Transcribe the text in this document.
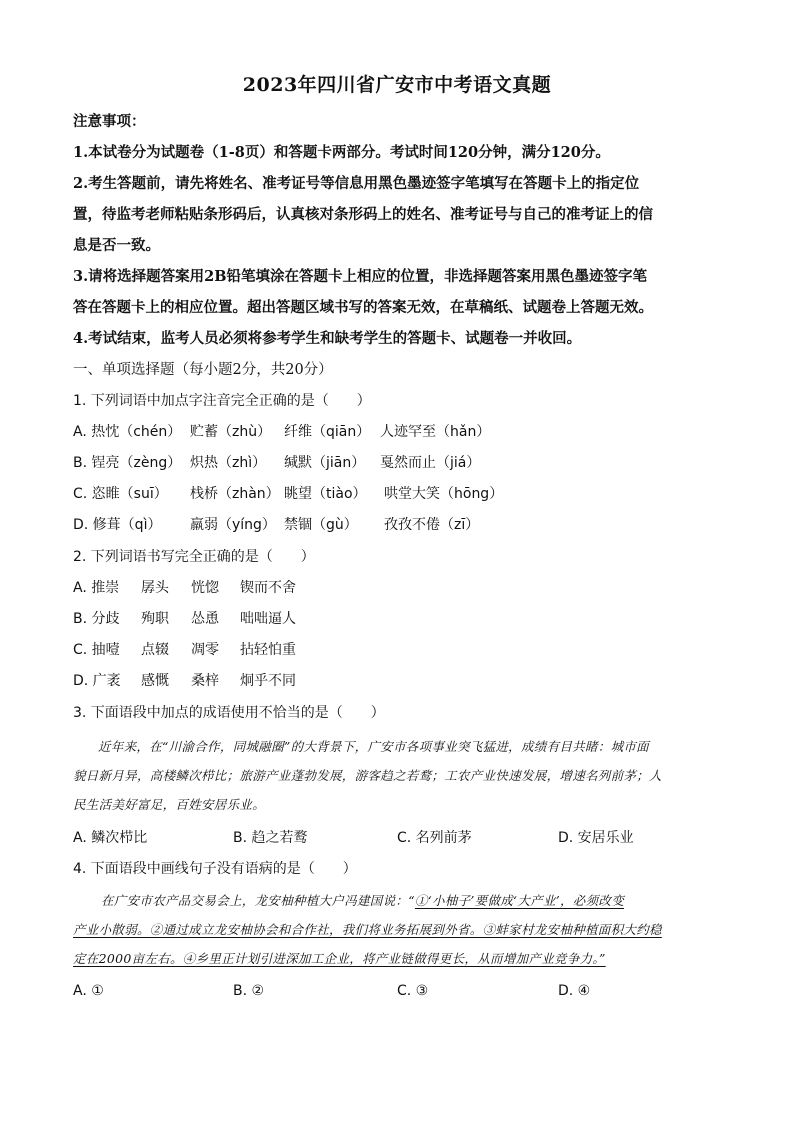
2023年四川省广安市中考语文真题
注意事项：
1.本试卷分为试题卷（1-8页）和答题卡两部分。考试时间120分钟，满分120分。
2.考生答题前，请先将姓名、准考证号等信息用黑色墨迹签字笔填写在答题卡上的指定位
置，待监考老师粘贴条形码后，认真核对条形码上的姓名、准考证号与自己的准考证上的信
息是否一致。
3.请将选择题答案用2B铅笔填涂在答题卡上相应的位置，非选择题答案用黑色墨迹签字笔
答在答题卡上的相应位置。超出答题区域书写的答案无效，在草稿纸、试题卷上答题无效。
4.考试结束，监考人员必须将参考学生和缺考学生的答题卡、试题卷一并收回。
一、单项选择题（每小题2分，共20分）
1. 下列词语中加点字注音完全正确的是（　　）
A. 热忱（chén） 贮蓄（zhù） 纤维（qiān） 人迹罕至（hǎn）
B. 锃亮（zèng） 炽热（zhì） 缄默（jiān） 戛然而止（jiá）
C. 恣睢（suī） 栈桥（zhàn） 眺望（tiào） 哄堂大笑（hōng）
D. 修葺（qì） 羸弱（yíng） 禁锢（gù） 孜孜不倦（zī）
2. 下列词语书写完全正确的是（　　）
A. 推崇 孱头 恍惚 锲而不舍
B. 分歧 殉职 怂恿 咄咄逼人
C. 抽噎 点辍 凋零 拈轻怕重
D. 广袤 感慨 桑梓 炯乎不同
3. 下面语段中加点的成语使用不恰当的是（　　）
近年来，在“川渝合作，同城融圈”的大背景下，广安市各项事业突飞猛进，成绩有目共睹：城市面
貌日新月异，高楼鳞次栉比；旅游产业蓬勃发展，游客趋之若鹜；工农产业快速发展，增速名列前茅；人
民生活美好富足，百姓安居乐业。
A. 鳞次栉比	B. 趋之若鹜	C. 名列前茅	D. 安居乐业
4. 下面语段中画线句子没有语病的是（　　）
在广安市农产品交易会上，龙安柚种植大户冯建国说：“①‘小柚子’要做成‘大产业’，必须改变
产业小散弱。②通过成立龙安柚协会和合作社，我们将业务拓展到外省。③蚌家村龙安柚种植面积大约稳
定在2000亩左右。④乡里正计划引进深加工企业，将产业链做得更长，从而增加产业竞争力。”
A. ①	B. ②	C. ③	D. ④
